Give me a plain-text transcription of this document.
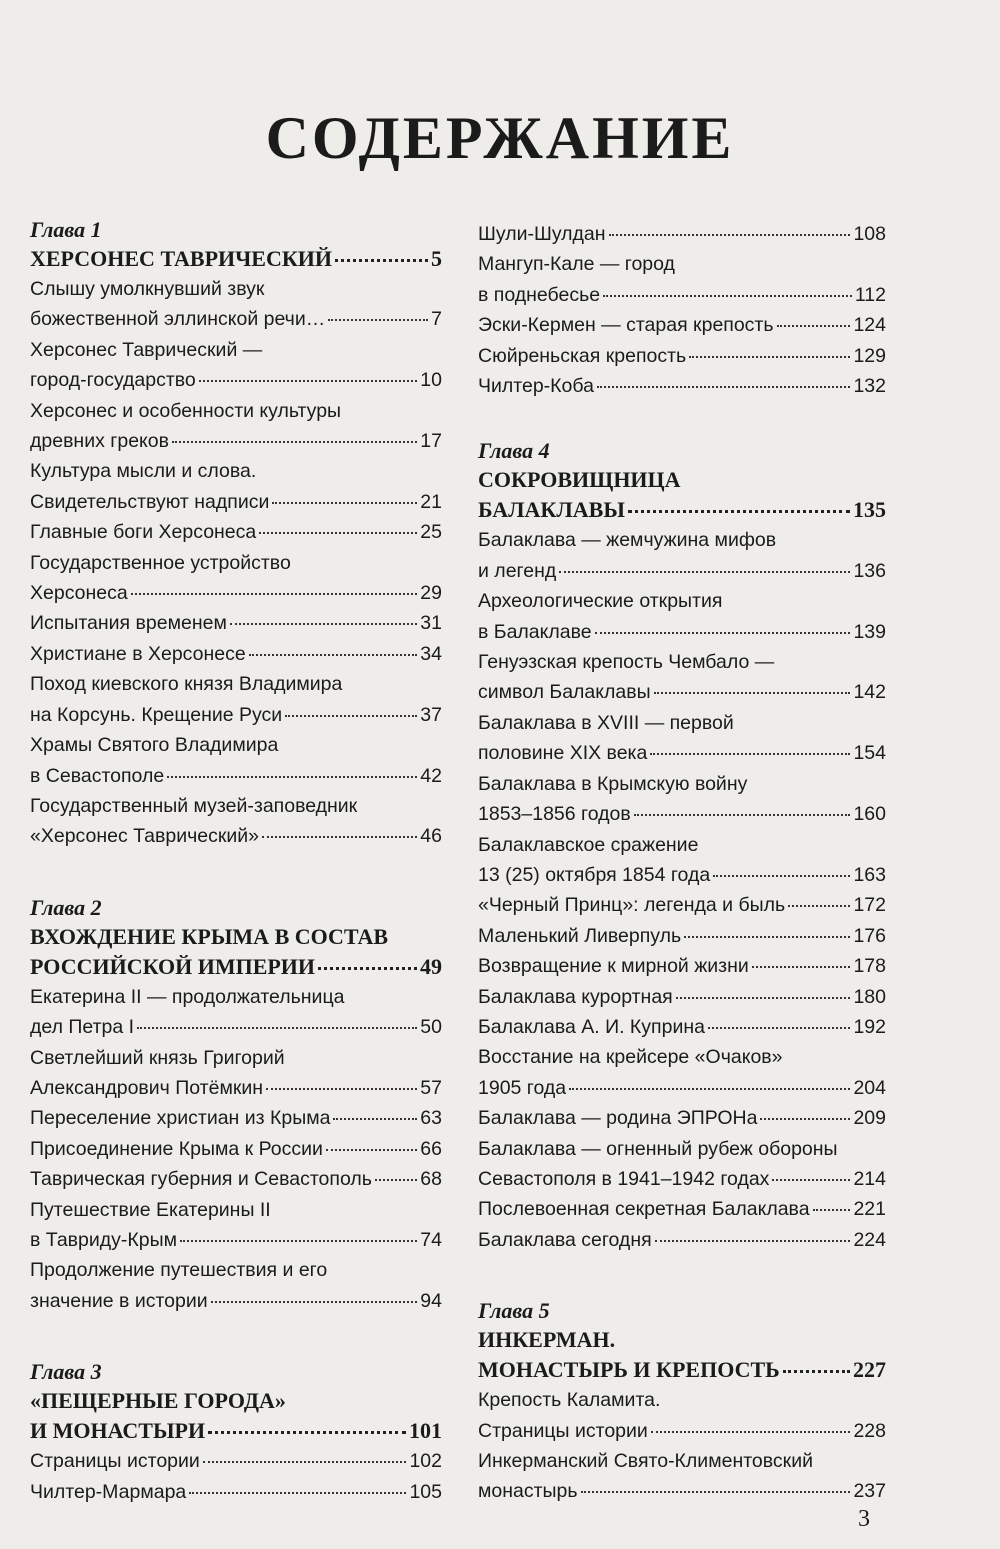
СОДЕРЖАНИЕ
Глава 1
ХЕРСОНЕС ТАВРИЧЕСКИЙ	5
Слышу умолкнувший звук
божественной эллинской речи…	7
Херсонес Таврический —
город-государство	10
Херсонес и особенности культуры
древних греков	17
Культура мысли и слова.
Свидетельствуют надписи	21
Главные боги Херсонеса	25
Государственное устройство
Херсонеса	29
Испытания временем	31
Христиане в Херсонесе	34
Поход киевского князя Владимира
на Корсунь. Крещение Руси	37
Храмы Святого Владимира
в Севастополе	42
Государственный музей-заповедник
«Херсонес Таврический»	46
Глава 2
ВХОЖДЕНИЕ КРЫМА В СОСТАВ
РОССИЙСКОЙ ИМПЕРИИ	49
Екатерина II — продолжательница
дел Петра I	50
Светлейший князь Григорий
Александрович Потёмкин	57
Переселение христиан из Крыма	63
Присоединение Крыма к России	66
Таврическая губерния и Севастополь 68
Путешествие Екатерины II
в Тавриду-Крым	74
Продолжение путешествия и его
значение в истории	94
Глава 3
«ПЕЩЕРНЫЕ ГОРОДА»
И МОНАСТЫРИ	101
Страницы истории	102
Чилтер-Мармара	105
Шули-Шулдан	108
Мангуп-Кале — город
в поднебесье	112
Эски-Кермен — старая крепость	124
Сюйреньская крепость	129
Чилтер-Коба	132
Глава 4
СОКРОВИЩНИЦА
БАЛАКЛАВЫ	135
Балаклава — жемчужина мифов
и легенд	136
Археологические открытия
в Балаклаве	139
Генуэзская крепость Чембало —
символ Балаклавы	142
Балаклава в XVIII — первой
половине XIX века	154
Балаклава в Крымскую войну
1853–1856 годов	160
Балаклавское сражение
13 (25) октября 1854 года	163
«Черный Принц»: легенда и быль	172
Маленький Ливерпуль	176
Возвращение к мирной жизни	178
Балаклава курортная	180
Балаклава А. И. Куприна	192
Восстание на крейсере «Очаков»
1905 года	204
Балаклава — родина ЭПРОНа	209
Балаклава — огненный рубеж обороны
Севастополя в 1941–1942 годах	214
Послевоенная секретная Балаклава 221
Балаклава сегодня	224
Глава 5
ИНКЕРМАН.
МОНАСТЫРЬ И КРЕПОСТЬ	227
Крепость Каламита.
Страницы истории	228
Инкерманский Свято-Климентовский
монастырь	237
3
